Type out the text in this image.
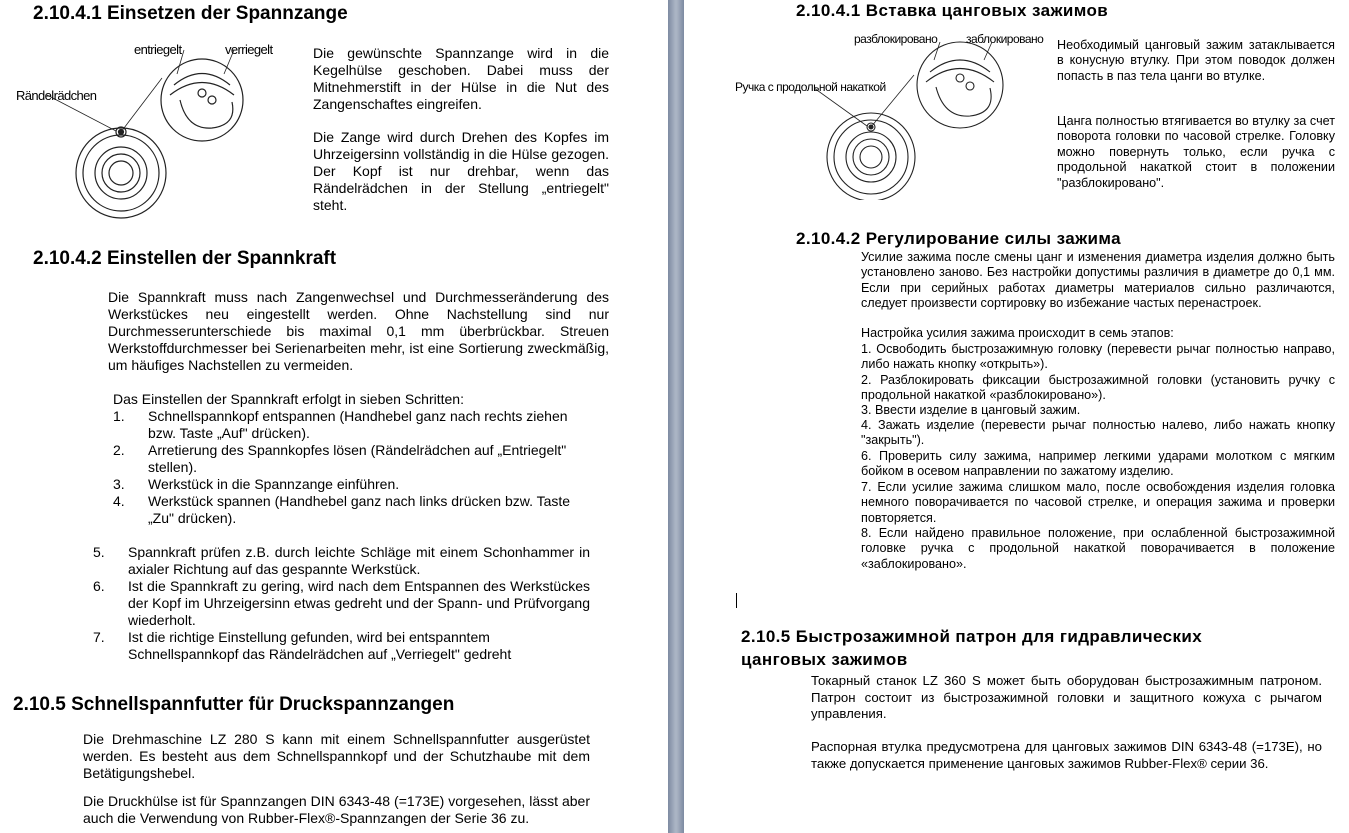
2.10.4.1 Einsetzen der Spannzange
entriegelt	verriegelt
Rändelrädchen
Die gewünschte Spannzange wird in die Kegelhülse geschoben. Dabei muss der Mitnehmerstift in der Hülse in die Nut des Zangenschaftes eingreifen.
Die Zange wird durch Drehen des Kopfes im Uhrzeigersinn vollständig in die Hülse gezogen. Der Kopf ist nur drehbar, wenn das Rändelrädchen in der Stellung „entriegelt" steht.
2.10.4.2 Einstellen der Spannkraft
Die Spannkraft muss nach Zangenwechsel und Durchmesseränderung des Werkstückes neu eingestellt werden. Ohne Nachstellung sind nur Durchmesserunterschiede bis maximal 0,1 mm überbrückbar. Streuen Werkstoffdurchmesser bei Serienarbeiten mehr, ist eine Sortierung zweckmäßig, um häufiges Nachstellen zu vermeiden.
Das Einstellen der Spannkraft erfolgt in sieben Schritten:
1. Schnellspannkopf entspannen (Handhebel ganz nach rechts ziehen bzw. Taste „Auf" drücken).
2. Arretierung des Spannkopfes lösen (Rändelrädchen auf „Entriegelt" stellen).
3. Werkstück in die Spannzange einführen.
4. Werkstück spannen (Handhebel ganz nach links drücken bzw. Taste „Zu" drücken).
5. Spannkraft prüfen z.B. durch leichte Schläge mit einem Schonhammer in axialer Richtung auf das gespannte Werkstück.
6. Ist die Spannkraft zu gering, wird nach dem Entspannen des Werkstückes der Kopf im Uhrzeigersinn etwas gedreht und der Spann- und Prüfvorgang wiederholt.
7. Ist die richtige Einstellung gefunden, wird bei entspanntem Schnellspannkopf das Rändelrädchen auf „Verriegelt" gedreht
2.10.5 Schnellspannfutter für Druckspannzangen
Die Drehmaschine LZ 280 S kann mit einem Schnellspannfutter ausgerüstet werden. Es besteht aus dem Schnellspannkopf und der Schutzhaube mit dem Betätigungshebel.
Die Druckhülse ist für Spannzangen DIN 6343-48 (=173E) vorgesehen, lässt aber auch die Verwendung von Rubber-Flex®-Spannzangen der Serie 36 zu.
2.10.4.1 Вставка цанговых зажимов
разблокировано заблокировано
Ручка с продольной накаткой
Необходимый цанговый зажим затаклывается в конусную втулку. При этом поводок должен попасть в паз тела цанги во втулке.
Цанга полностью втягивается во втулку за счет поворота головки по часовой стрелке. Головку можно повернуть только, если ручка с продольной накаткой стоит в положении "разблокировано".
2.10.4.2 Регулирование силы зажима
Усилие зажима после смены цанг и изменения диаметра изделия должно быть установлено заново. Без настройки допустимы различия в диаметре до 0,1 мм. Если при серийных работах диаметры материалов сильно различаются, следует произвести сортировку во избежание частых перенастроек.
Настройка усилия зажима происходит в семь этапов:
1. Освободить быстрозажимную головку (перевести рычаг полностью направо, либо нажать кнопку «открыть»).
2. Разблокировать фиксации быстрозажимной головки (установить ручку с продольной накаткой «разблокировано»).
3. Ввести изделие в цанговый зажим.
4. Зажать изделие (перевести рычаг полностью налево, либо нажать кнопку "закрыть").
6. Проверить силу зажима, например легкими ударами молотком с мягким бойком в осевом направлении по зажатому изделию.
7. Если усилие зажима слишком мало, после освобождения изделия головка немного поворачивается по часовой стрелке, и операция зажима и проверки повторяется.
8. Если найдено правильное положение, при ослабленной быстрозажимной головке ручка с продольной накаткой поворачивается в положение «заблокировано».
2.10.5 Быстрозажимной патрон для гидравлических
цанговых зажимов
Токарный станок LZ 360 S может быть оборудован быстрозажимным патроном. Патрон состоит из быстрозажимной головки и защитного кожуха с рычагом управления.
Распорная втулка предусмотрена для цанговых зажимов DIN 6343-48 (=173E), но также допускается применение цанговых зажимов Rubber-Flex® серии 36.
